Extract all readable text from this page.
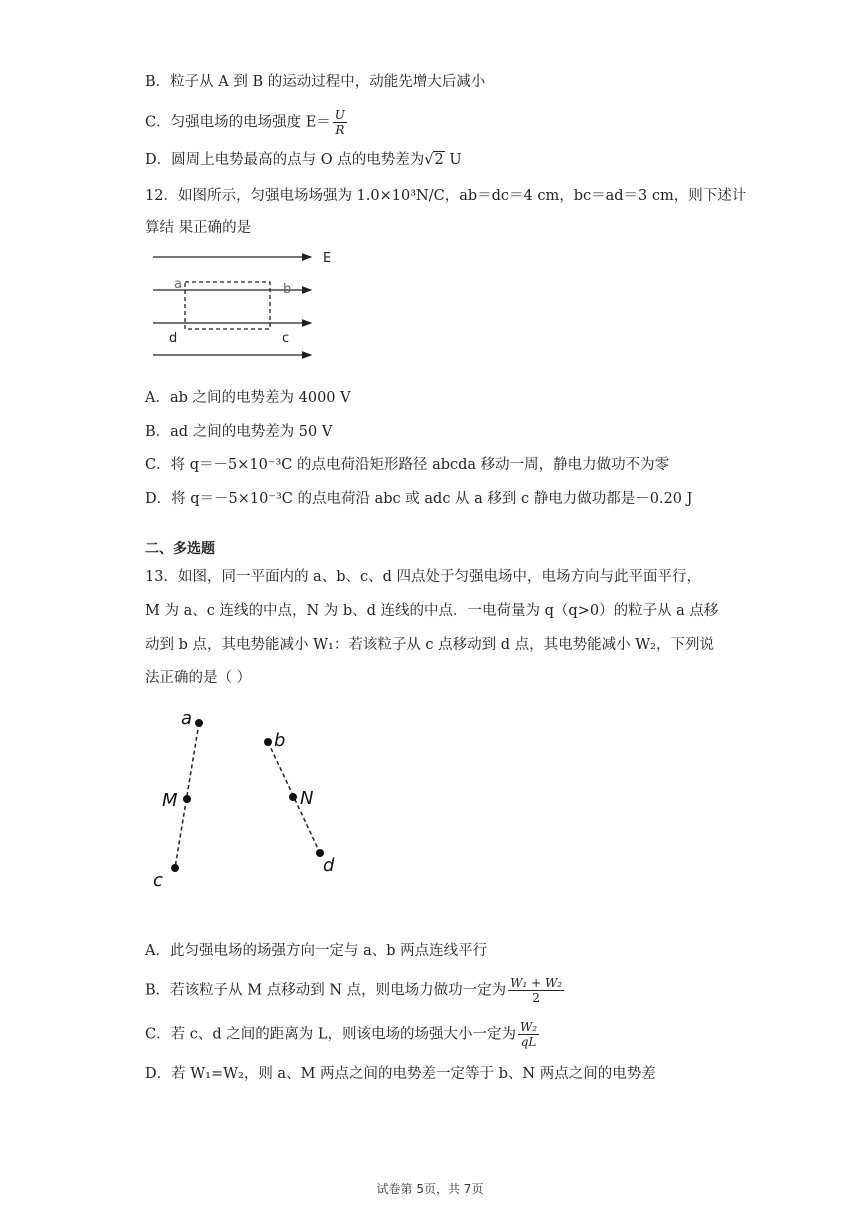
B．粒子从 A 到 B 的运动过程中，动能先增大后减小
C．匀强电场的电场强度 $E= \frac{U}{R}$
D．圆周上电势最高的点与 O 点的电势差为√2 U
12．如图所示，匀强电场场强为 1.0×10³N/C，ab＝dc＝4 cm，bc＝ad＝3 cm，则下述计
算结 果正确的是
E
a	b
d	c
A．ab 之间的电势差为 4000 V
B．ad 之间的电势差为 50 V
C．将 q＝－5×10⁻³C 的点电荷沿矩形路径 abcda 移动一周，静电力做功不为零
D．将 q＝－5×10⁻³C 的点电荷沿 abc 或 adc 从 a 移到 c 静电力做功都是－0.20 J
二、多选题
13．如图，同一平面内的 a、b、c、d 四点处于匀强电场中，电场方向与此平面平行，
M 为 a、c 连线的中点，N 为 b、d 连线的中点．一电荷量为 q（q>0）的粒子从 a 点移
动到 b 点，其电势能减小 W₁：若该粒子从 c 点移动到 d 点，其电势能减小 W₂，下列说
法正确的是（ ）
a
M
c
b
N
d
A．此匀强电场的场强方向一定与 a、b 两点连线平行
B．若该粒子从 M 点移动到 N 点，则电场力做功一定为 $\frac{\text{W₁ + W₂}}{2}$
C．若 c、d 之间的距离为 L，则该电场的场强大小一定为 $\frac{\text{W₂}}{qL}$
D．若 W₁=W₂，则 a、M 两点之间的电势差一定等于 b、N 两点之间的电势差
试卷第 5页，共 7页
